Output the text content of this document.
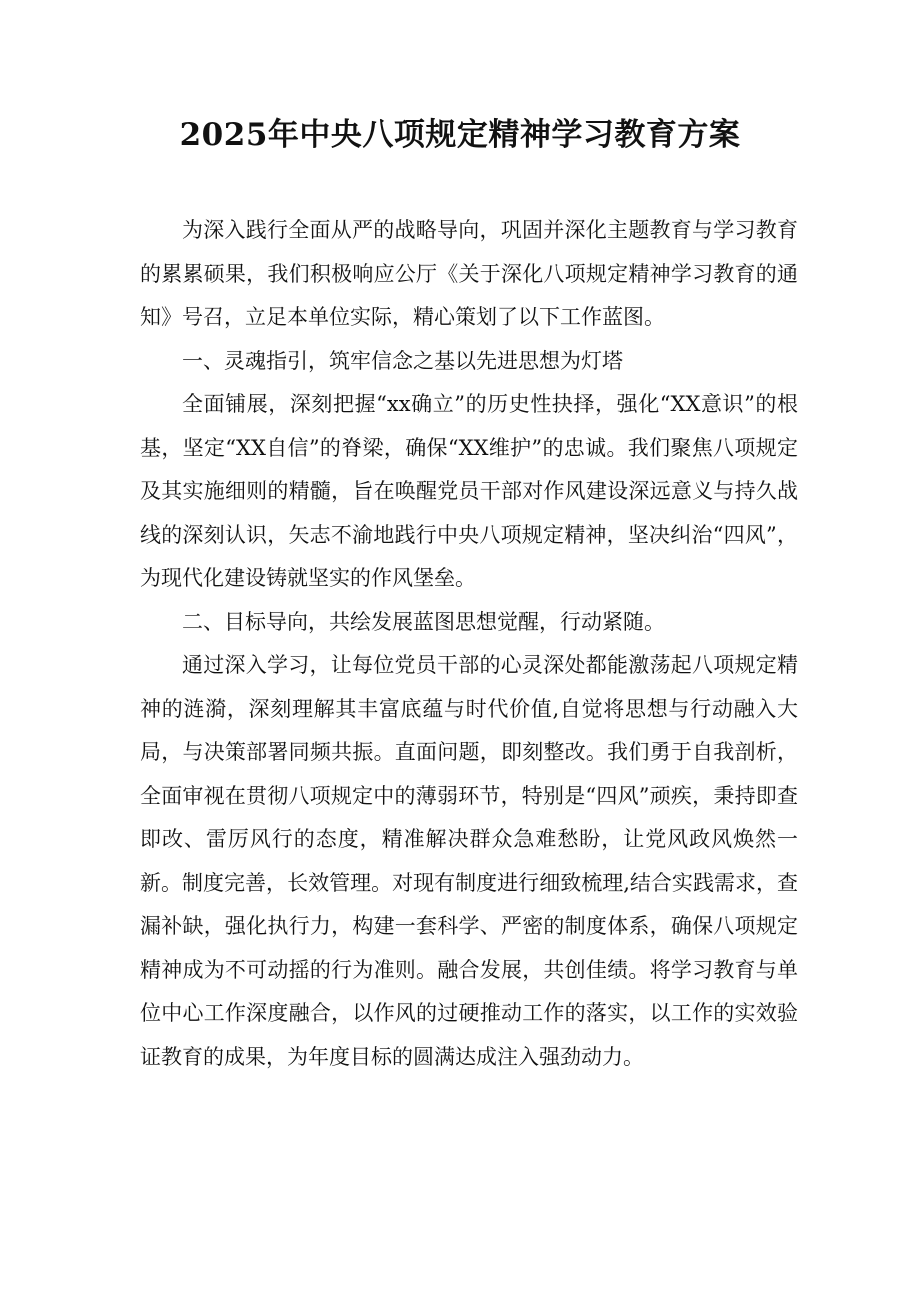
2025年中央八项规定精神学习教育方案

为深入践行全面从严的战略导向，巩固并深化主题教育与学习教育的累累硕果，我们积极响应公厅《关于深化八项规定精神学习教育的通知》号召，立足本单位实际，精心策划了以下工作蓝图。

一、灵魂指引，筑牢信念之基以先进思想为灯塔

全面铺展，深刻把握“xx确立”的历史性抉择，强化“XX意识”的根基，坚定“XX自信”的脊梁，确保“XX维护”的忠诚。我们聚焦八项规定及其实施细则的精髓，旨在唤醒党员干部对作风建设深远意义与持久战线的深刻认识，矢志不渝地践行中央八项规定精神，坚决纠治“四风”，为现代化建设铸就坚实的作风堡垒。

二、目标导向，共绘发展蓝图思想觉醒，行动紧随。

通过深入学习，让每位党员干部的心灵深处都能激荡起八项规定精神的涟漪，深刻理解其丰富底蕴与时代价值,自觉将思想与行动融入大局，与决策部署同频共振。直面问题，即刻整改。我们勇于自我剖析，全面审视在贯彻八项规定中的薄弱环节，特别是“四风”顽疾，秉持即查即改、雷厉风行的态度，精准解决群众急难愁盼，让党风政风焕然一新。制度完善，长效管理。对现有制度进行细致梳理,结合实践需求，查漏补缺，强化执行力，构建一套科学、严密的制度体系，确保八项规定精神成为不可动摇的行为准则。融合发展，共创佳绩。将学习教育与单位中心工作深度融合，以作风的过硬推动工作的落实，以工作的实效验证教育的成果，为年度目标的圆满达成注入强劲动力。
